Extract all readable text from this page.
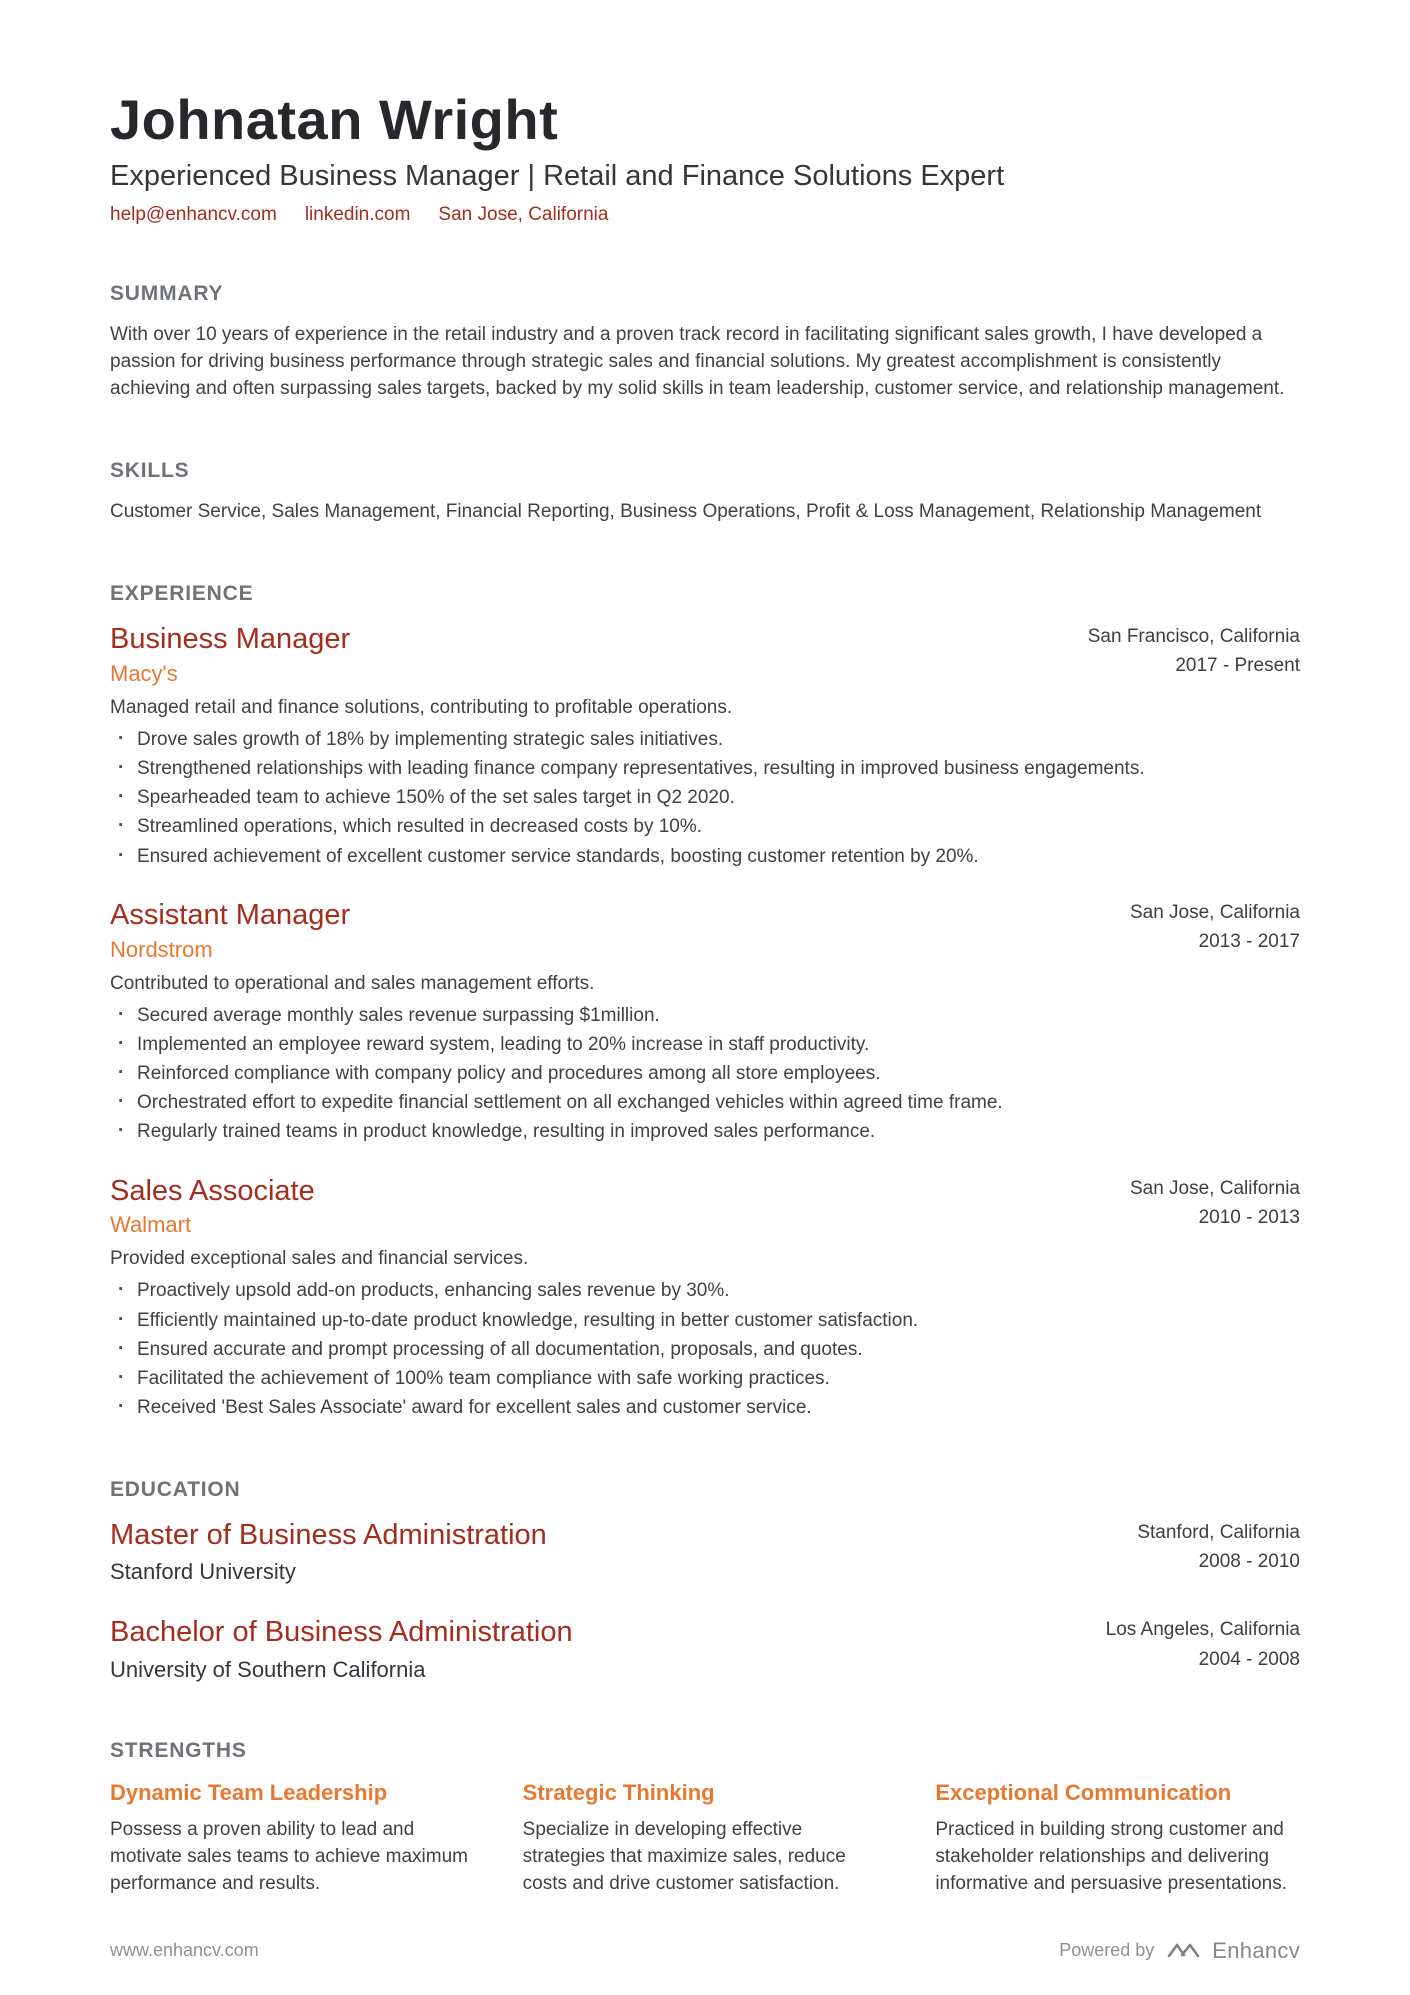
Johnatan Wright
Experienced Business Manager | Retail and Finance Solutions Expert
help@enhancv.com linkedin.com San Jose, California
SUMMARY
With over 10 years of experience in the retail industry and a proven track record in facilitating significant sales growth, I have developed a passion for driving business performance through strategic sales and financial solutions. My greatest accomplishment is consistently achieving and often surpassing sales targets, backed by my solid skills in team leadership, customer service, and relationship management.
SKILLS
Customer Service, Sales Management, Financial Reporting, Business Operations, Profit & Loss Management, Relationship Management
EXPERIENCE
Business Manager
Macy's
San Francisco, California
2017 - Present
Managed retail and finance solutions, contributing to profitable operations.
· Drove sales growth of 18% by implementing strategic sales initiatives.
· Strengthened relationships with leading finance company representatives, resulting in improved business engagements.
· Spearheaded team to achieve 150% of the set sales target in Q2 2020.
· Streamlined operations, which resulted in decreased costs by 10%.
· Ensured achievement of excellent customer service standards, boosting customer retention by 20%.
Assistant Manager
Nordstrom
San Jose, California
2013 - 2017
Contributed to operational and sales management efforts.
· Secured average monthly sales revenue surpassing $1million.
· Implemented an employee reward system, leading to 20% increase in staff productivity.
· Reinforced compliance with company policy and procedures among all store employees.
· Orchestrated effort to expedite financial settlement on all exchanged vehicles within agreed time frame.
· Regularly trained teams in product knowledge, resulting in improved sales performance.
Sales Associate
Walmart
San Jose, California
2010 - 2013
Provided exceptional sales and financial services.
· Proactively upsold add-on products, enhancing sales revenue by 30%.
· Efficiently maintained up-to-date product knowledge, resulting in better customer satisfaction.
· Ensured accurate and prompt processing of all documentation, proposals, and quotes.
· Facilitated the achievement of 100% team compliance with safe working practices.
· Received 'Best Sales Associate' award for excellent sales and customer service.
EDUCATION
Master of Business Administration
Stanford University
Stanford, California
2008 - 2010
Bachelor of Business Administration
University of Southern California
Los Angeles, California
2004 - 2008
STRENGTHS
Dynamic Team Leadership
Possess a proven ability to lead and motivate sales teams to achieve maximum performance and results.
Strategic Thinking
Specialize in developing effective strategies that maximize sales, reduce costs and drive customer satisfaction.
Exceptional Communication
Practiced in building strong customer and stakeholder relationships and delivering informative and persuasive presentations.
www.enhancv.com	Powered by	Enhancv
